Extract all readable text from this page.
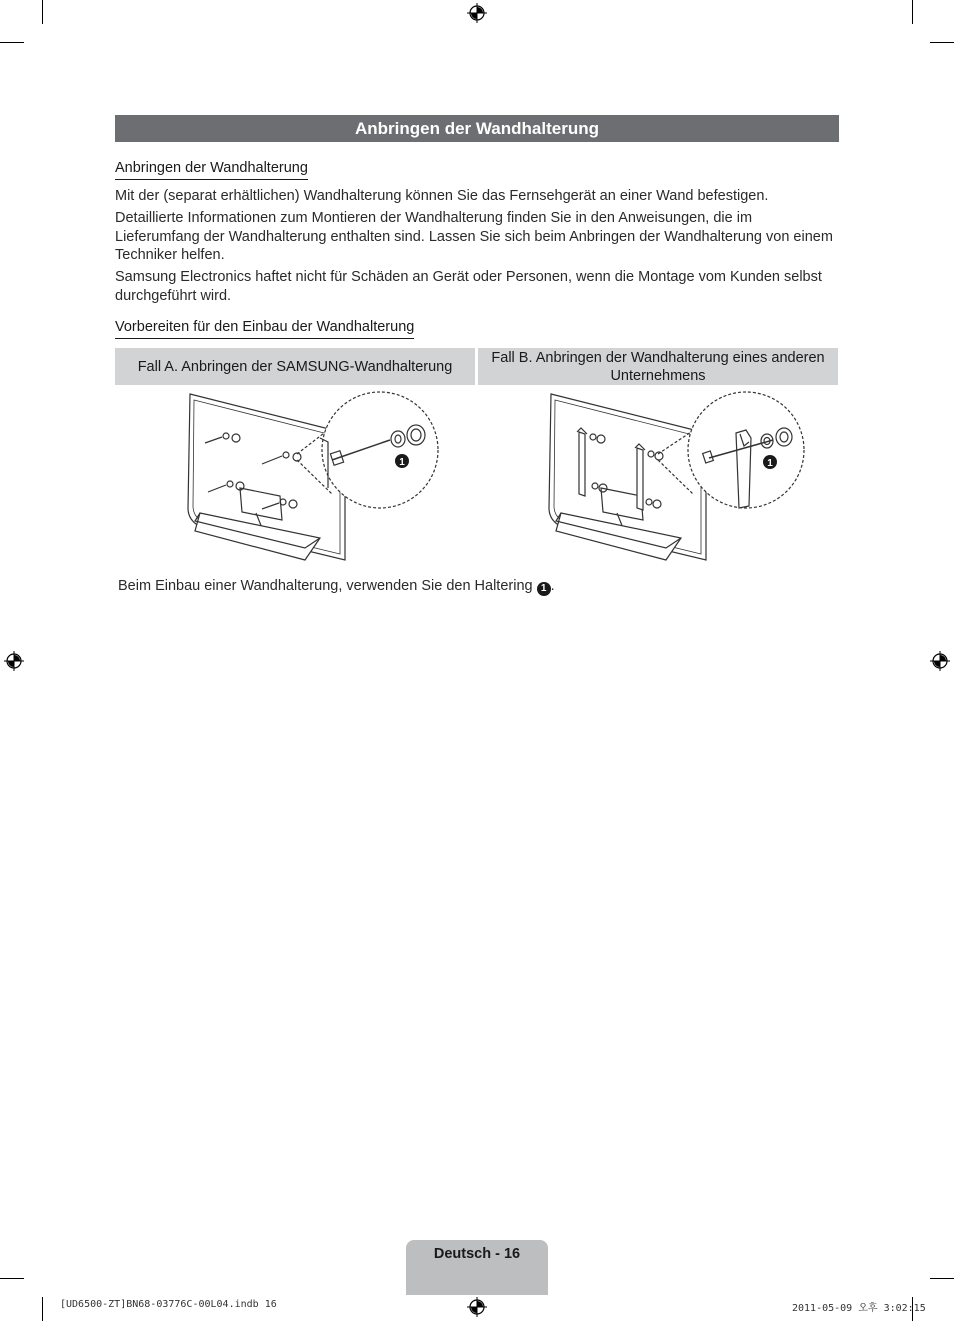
Anbringen der Wandhalterung
Anbringen der Wandhalterung

Mit der (separat erhältlichen) Wandhalterung können Sie das Fernsehgerät an einer Wand befestigen.

Detaillierte Informationen zum Montieren der Wandhalterung finden Sie in den Anweisungen, die im Lieferumfang der Wandhalterung enthalten sind. Lassen Sie sich beim Anbringen der Wandhalterung von einem Techniker helfen.

Samsung Electronics haftet nicht für Schäden an Gerät oder Personen, wenn die Montage vom Kunden selbst durchgeführt wird.

Vorbereiten für den Einbau der Wandhalterung
Fall A. Anbringen der SAMSUNG-Wandhalterung
Fall B. Anbringen der Wandhalterung eines anderen Unternehmens
1	1
Beim Einbau einer Wandhalterung, verwenden Sie den Haltering 1 .
Deutsch - 16
[UD6500-ZT]BN68-03776C-00L04.indb 16	2011-05-09 오후 3:02:15
